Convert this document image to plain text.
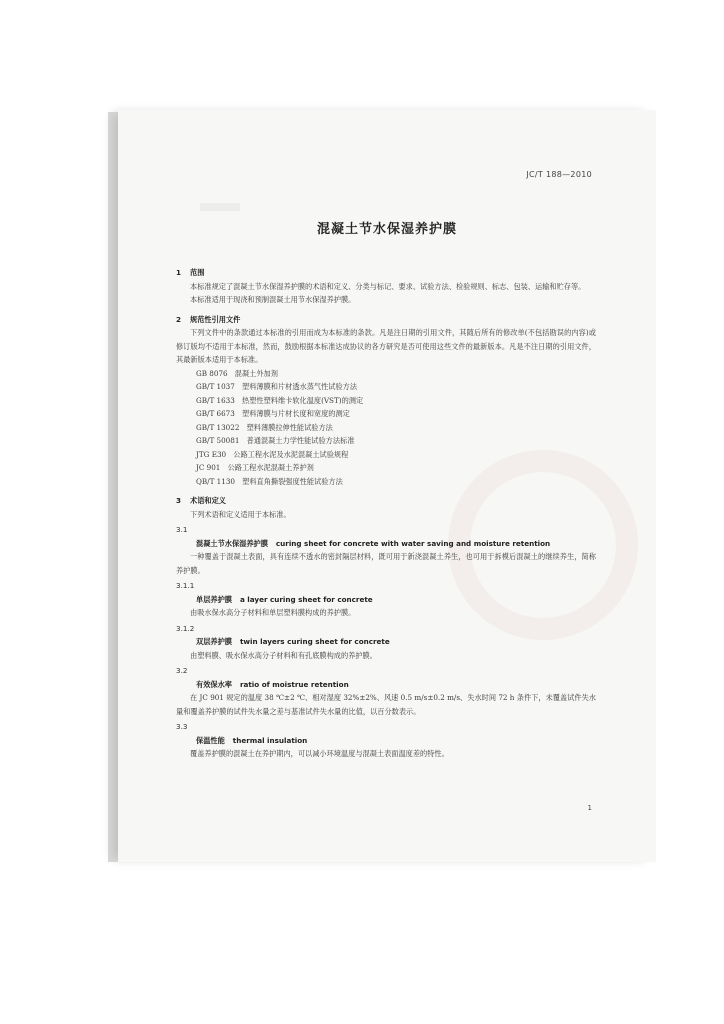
JC/T 188—2010
混凝土节水保湿养护膜
1 范围
本标准规定了混凝土节水保湿养护膜的术语和定义、分类与标记、要求、试验方法、检验规则、标志、包装、运输和贮存等。
本标准适用于现浇和预制混凝土用节水保湿养护膜。
2 规范性引用文件
下列文件中的条款通过本标准的引用而成为本标准的条款。凡是注日期的引用文件，其随后所有的修改单(不包括勘误的内容)或修订版均不适用于本标准，然而，鼓励根据本标准达成协议的各方研究是否可使用这些文件的最新版本。凡是不注日期的引用文件，其最新版本适用于本标准。
GB 8076　混凝土外加剂
GB/T 1037　塑料薄膜和片材透水蒸气性试验方法
GB/T 1633　热塑性塑料维卡软化温度(VST)的测定
GB/T 6673　塑料薄膜与片材长度和宽度的测定
GB/T 13022　塑料薄膜拉伸性能试验方法
GB/T 50081　普通混凝土力学性能试验方法标准
JTG E30　公路工程水泥及水泥混凝土试验规程
JC 901　公路工程水泥混凝土养护剂
QB/T 1130　塑料直角撕裂强度性能试验方法
3 术语和定义
下列术语和定义适用于本标准。
3.1
混凝土节水保湿养护膜 curing sheet for concrete with water saving and moisture retention
一种覆盖于混凝土表面，具有连续不透水的密封隔层材料，既可用于新浇混凝土养生，也可用于拆模后混凝土的继续养生，简称养护膜。
3.1.1
单层养护膜 a layer curing sheet for concrete
由吸水保水高分子材料和单层塑料膜构成的养护膜。
3.1.2
双层养护膜 twin layers curing sheet for concrete
由塑料膜、吸水保水高分子材料和有孔底膜构成的养护膜。
3.2
有效保水率 ratio of moistrue retention
在 JC 901 规定的温度 38 ℃±2 ℃、相对湿度 32%±2%、风速 0.5 m/s±0.2 m/s、失水时间 72 h 条件下，未覆盖试件失水量和覆盖养护膜的试件失水量之差与基准试件失水量的比值，以百分数表示。
3.3
保温性能 thermal insulation
覆盖养护膜的混凝土在养护期内，可以减小环境温度与混凝土表面温度差的特性。
1
